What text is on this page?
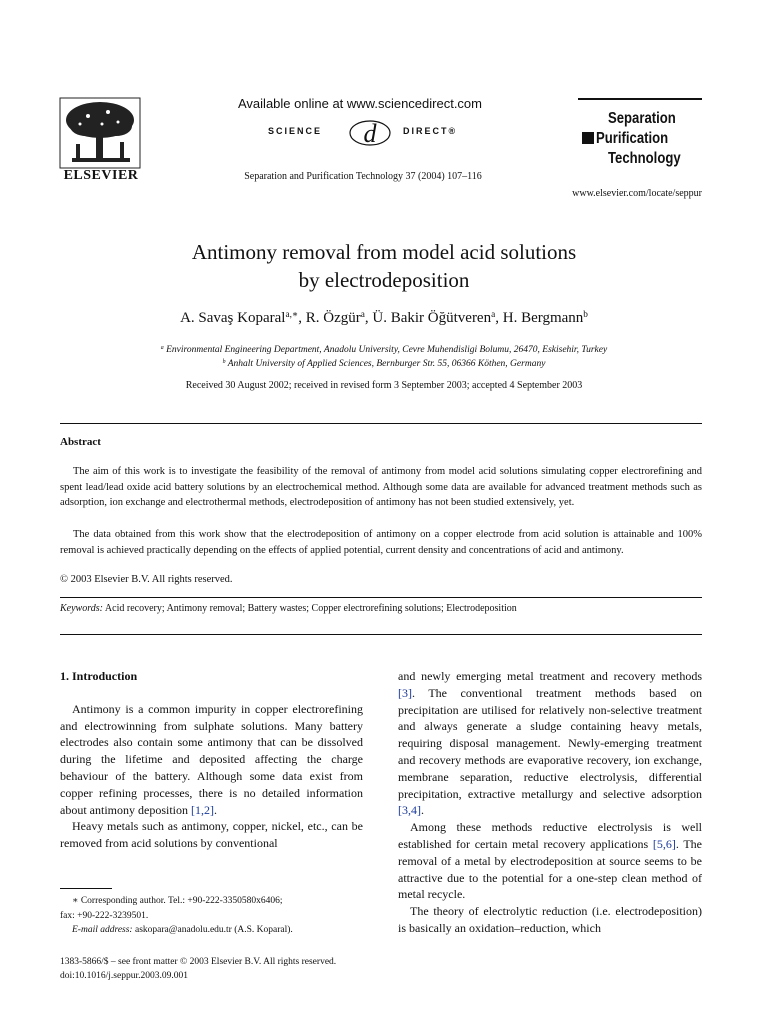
ELSEVIER
Available online at www.sciencedirect.com
SCIENCE d	DIRECT®
Separation and Purification Technology 37 (2004) 107–116
Separation
Purification
Technology
www.elsevier.com/locate/seppur
Antimony removal from model acid solutions
by electrodeposition
A. Savaş Koparal$^{a,∗}$, R. Özgür$^a$, Ü. Bakir Öğütveren$^a$, H. Bergmann$^b$
$^a$ Environmental Engineering Department, Anadolu University, Cevre Muhendisligi Bolumu, 26470, Eskisehir, Turkey
$^b$ Anhalt University of Applied Sciences, Bernburger Str. 55, 06366 Köthen, Germany
Received 30 August 2002; received in revised form 3 September 2003; accepted 4 September 2003
Abstract
The aim of this work is to investigate the feasibility of the removal of antimony from model acid solutions simulating copper electrorefining and spent lead/lead oxide acid battery solutions by an electrochemical method. Although some data are available for advanced treatment methods such as adsorption, ion exchange and electrothermal methods, electrodeposition of antimony has not been studied extensively, yet.
The data obtained from this work show that the electrodeposition of antimony on a copper electrode from acid solution is attainable and 100% removal is achieved practically depending on the effects of applied potential, current density and concentrations of acid and antimony.
© 2003 Elsevier B.V. All rights reserved.
Keywords: Acid recovery; Antimony removal; Battery wastes; Copper electrorefining solutions; Electrodeposition

1. Introduction

Antimony is a common impurity in copper electrorefining and electrowinning from sulphate solutions. Many battery electrodes also contain some antimony that can be dissolved during the lifetime and deposited affecting the charge behaviour of the battery. Although some data exist from copper refining processes, there is no detailed information about antimony deposition [1,2].

Heavy metals such as antimony, copper, nickel, etc., can be removed from acid solutions by conventional

∗ Corresponding author. Tel.: +90-222-3350580x6406;
fax: +90-222-3239501.
E-mail address: askopara@anadolu.edu.tr (A.S. Koparal).
1383-5866/$ – see front matter © 2003 Elsevier B.V. All rights reserved.
doi:10.1016/j.seppur.2003.09.001

and newly emerging metal treatment and recovery methods [3]. The conventional treatment methods based on precipitation are utilised for relatively non-selective treatment and always generate a sludge containing heavy metals, requiring disposal management. Newly-emerging treatment and recovery methods are evaporative recovery, ion exchange, membrane separation, reductive electrolysis, differential precipitation, extractive metallurgy and selective adsorption [3,4].

Among these methods reductive electrolysis is well established for certain metal recovery applications [5,6]. The removal of a metal by electrodeposition at source seems to be attractive due to the potential for a one-step clean method of metal recycle.

The theory of electrolytic reduction (i.e. electrodeposition) is basically an oxidation–reduction, which
